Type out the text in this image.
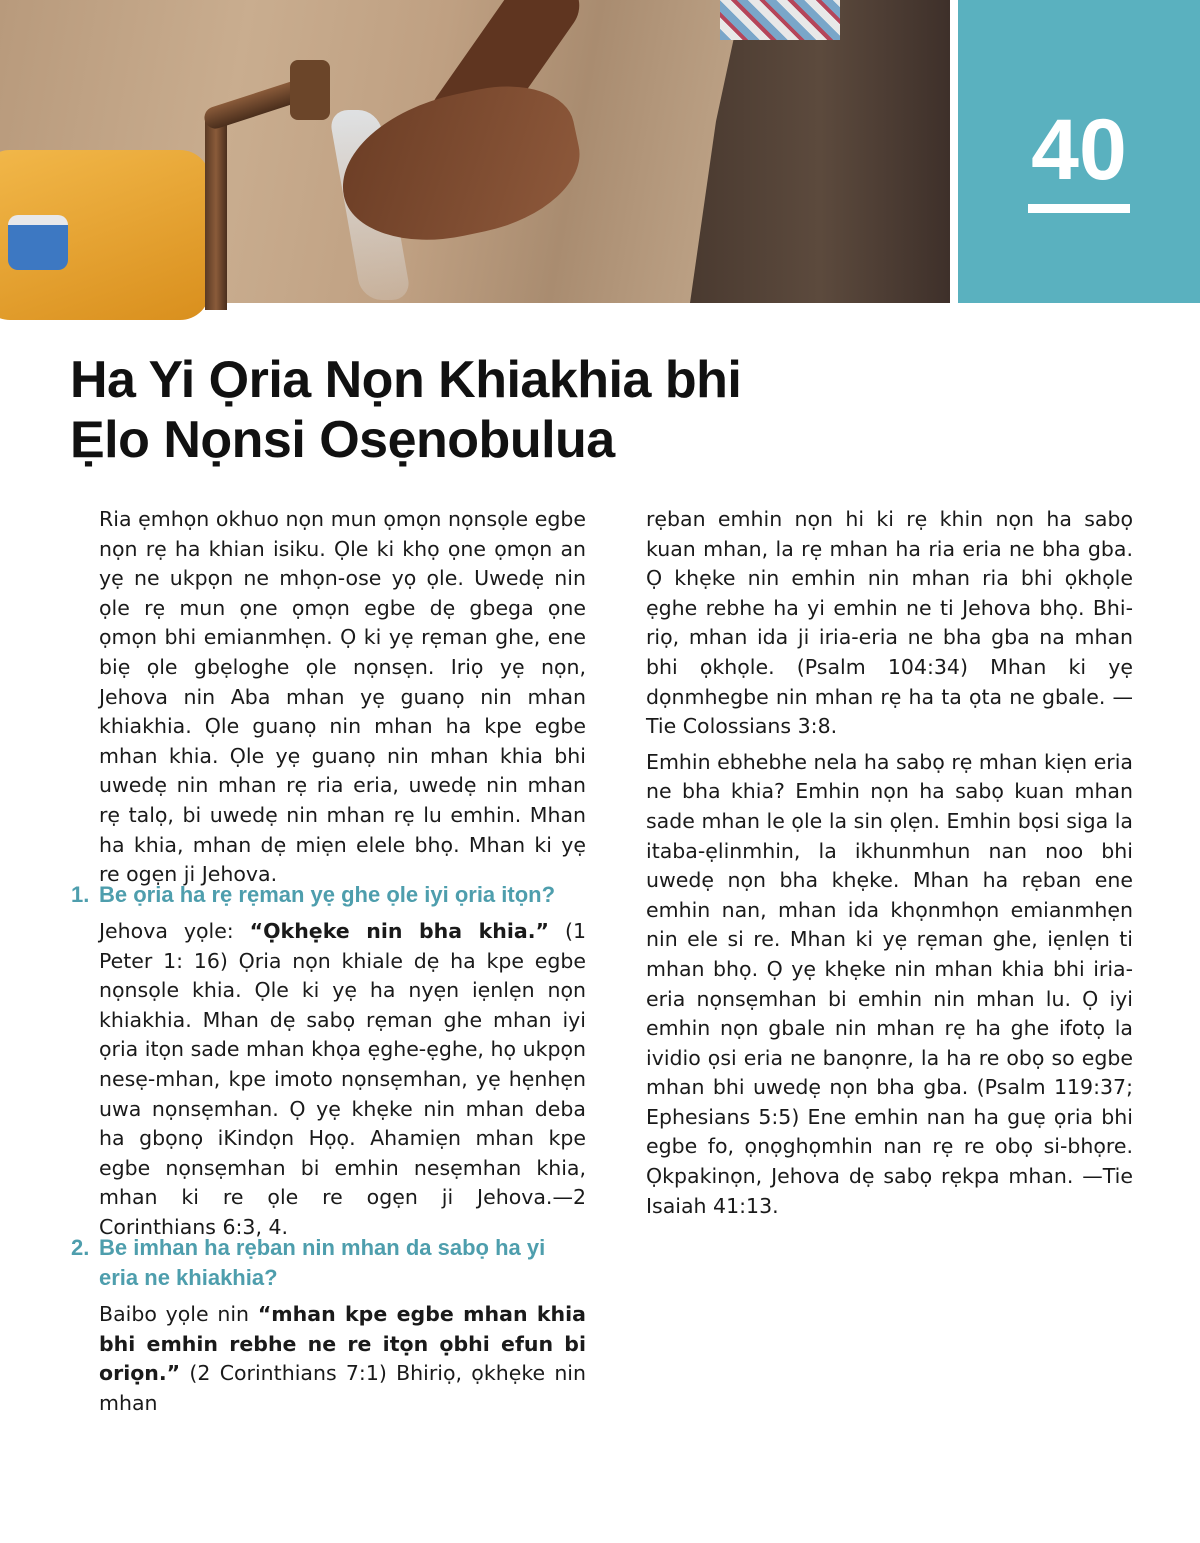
40
Ha Yi Ọria Nọn Khiakhia bhi
Ẹlo Nọnsi Osẹnobulua

Ria ẹmhọn okhuo nọn mun ọmọn nọnsọle egbe nọn rẹ ha khian isiku. Ọle ki khọ ọne ọmọn an yẹ ne ukpọn ne mhọn-ose yọ ọle. Uwedẹ nin ọle rẹ mun ọne ọmọn egbe dẹ gbega ọne ọmọn bhi emianmhẹn. Ọ ki yẹ rẹman ghe, ene biẹ ọle gbẹloghe ọle nọnsẹn. Iriọ yẹ nọn, Jehova nin Aba mhan yẹ guanọ nin mhan khiakhia. Ọle guanọ nin mhan ha kpe egbe mhan khia. Ọle yẹ guanọ nin mhan khia bhi uwedẹ nin mhan rẹ ria eria, uwedẹ nin mhan rẹ talọ, bi uwedẹ nin mhan rẹ lu emhin. Mhan ha khia, mhan dẹ miẹn elele bhọ. Mhan ki yẹ re ogẹn ji Jehova.

1. Be ọria ha rẹ rẹman yẹ ghe ọle iyi ọria itọn?

Jehova yọle: “Ọkhẹke nin bha khia.” (1 Peter 1: 16) Ọria nọn khiale dẹ ha kpe egbe nọnsọle khia. Ọle ki yẹ ha nyẹn iẹnlẹn nọn khiakhia. Mhan dẹ sabọ rẹman ghe mhan iyi ọria itọn sade mhan khọa ẹghe-ẹghe, họ ukpọn nesẹ-mhan, kpe imoto nọnsẹmhan, yẹ hẹnhẹn uwa nọnsẹmhan. Ọ yẹ khẹke nin mhan deba ha gbọnọ iKindọn Họọ. Ahamiẹn mhan kpe egbe nọnsẹmhan bi emhin nesẹmhan khia, mhan ki re ọle re ogẹn ji Jehova.—2 Corinthians 6:3, 4.

2. Be imhan ha rẹban nin mhan da sabọ ha yi eria ne khiakhia?

Baibo yọle nin “mhan kpe egbe mhan khia bhi emhin rebhe ne re itọn ọbhi efun bi oriọn.” (2 Corinthians 7:1) Bhiriọ, ọkhẹke nin mhan

rẹban emhin nọn hi ki rẹ khin nọn ha sabọ kuan mhan, la rẹ mhan ha ria eria ne bha gba. Ọ khẹke nin emhin nin mhan ria bhi ọkhọle ẹghe rebhe ha yi emhin ne ti Jehova bhọ. Bhi-riọ, mhan ida ji iria-eria ne bha gba na mhan bhi ọkhọle. (Psalm 104:34) Mhan ki yẹ dọnmhegbe nin mhan rẹ ha ta ọta ne gbale. —Tie Colossians 3:8.

Emhin ebhebhe nela ha sabọ rẹ mhan kiẹn eria ne bha khia? Emhin nọn ha sabọ kuan mhan sade mhan le ọle la sin ọlẹn. Emhin bọsi siga la itaba-ẹlinmhin, la ikhunmhun nan noo bhi uwedẹ nọn bha khẹke. Mhan ha rẹban ene emhin nan, mhan ida khọnmhọn emianmhẹn nin ele si re. Mhan ki yẹ rẹman ghe, iẹnlẹn ti mhan bhọ. Ọ yẹ khẹke nin mhan khia bhi iria-eria nọnsẹmhan bi emhin nin mhan lu. Ọ iyi emhin nọn gbale nin mhan rẹ ha ghe ifotọ la ividio ọsi eria ne banọnre, la ha re obọ so egbe mhan bhi uwedẹ nọn bha gba. (Psalm 119:37; Ephesians 5:5) Ene emhin nan ha guẹ ọria bhi egbe fo, ọnọghọmhin nan rẹ re obọ si-bhọre. Ọkpakinọn, Jehova dẹ sabọ rẹkpa mhan. —Tie Isaiah 41:13.
